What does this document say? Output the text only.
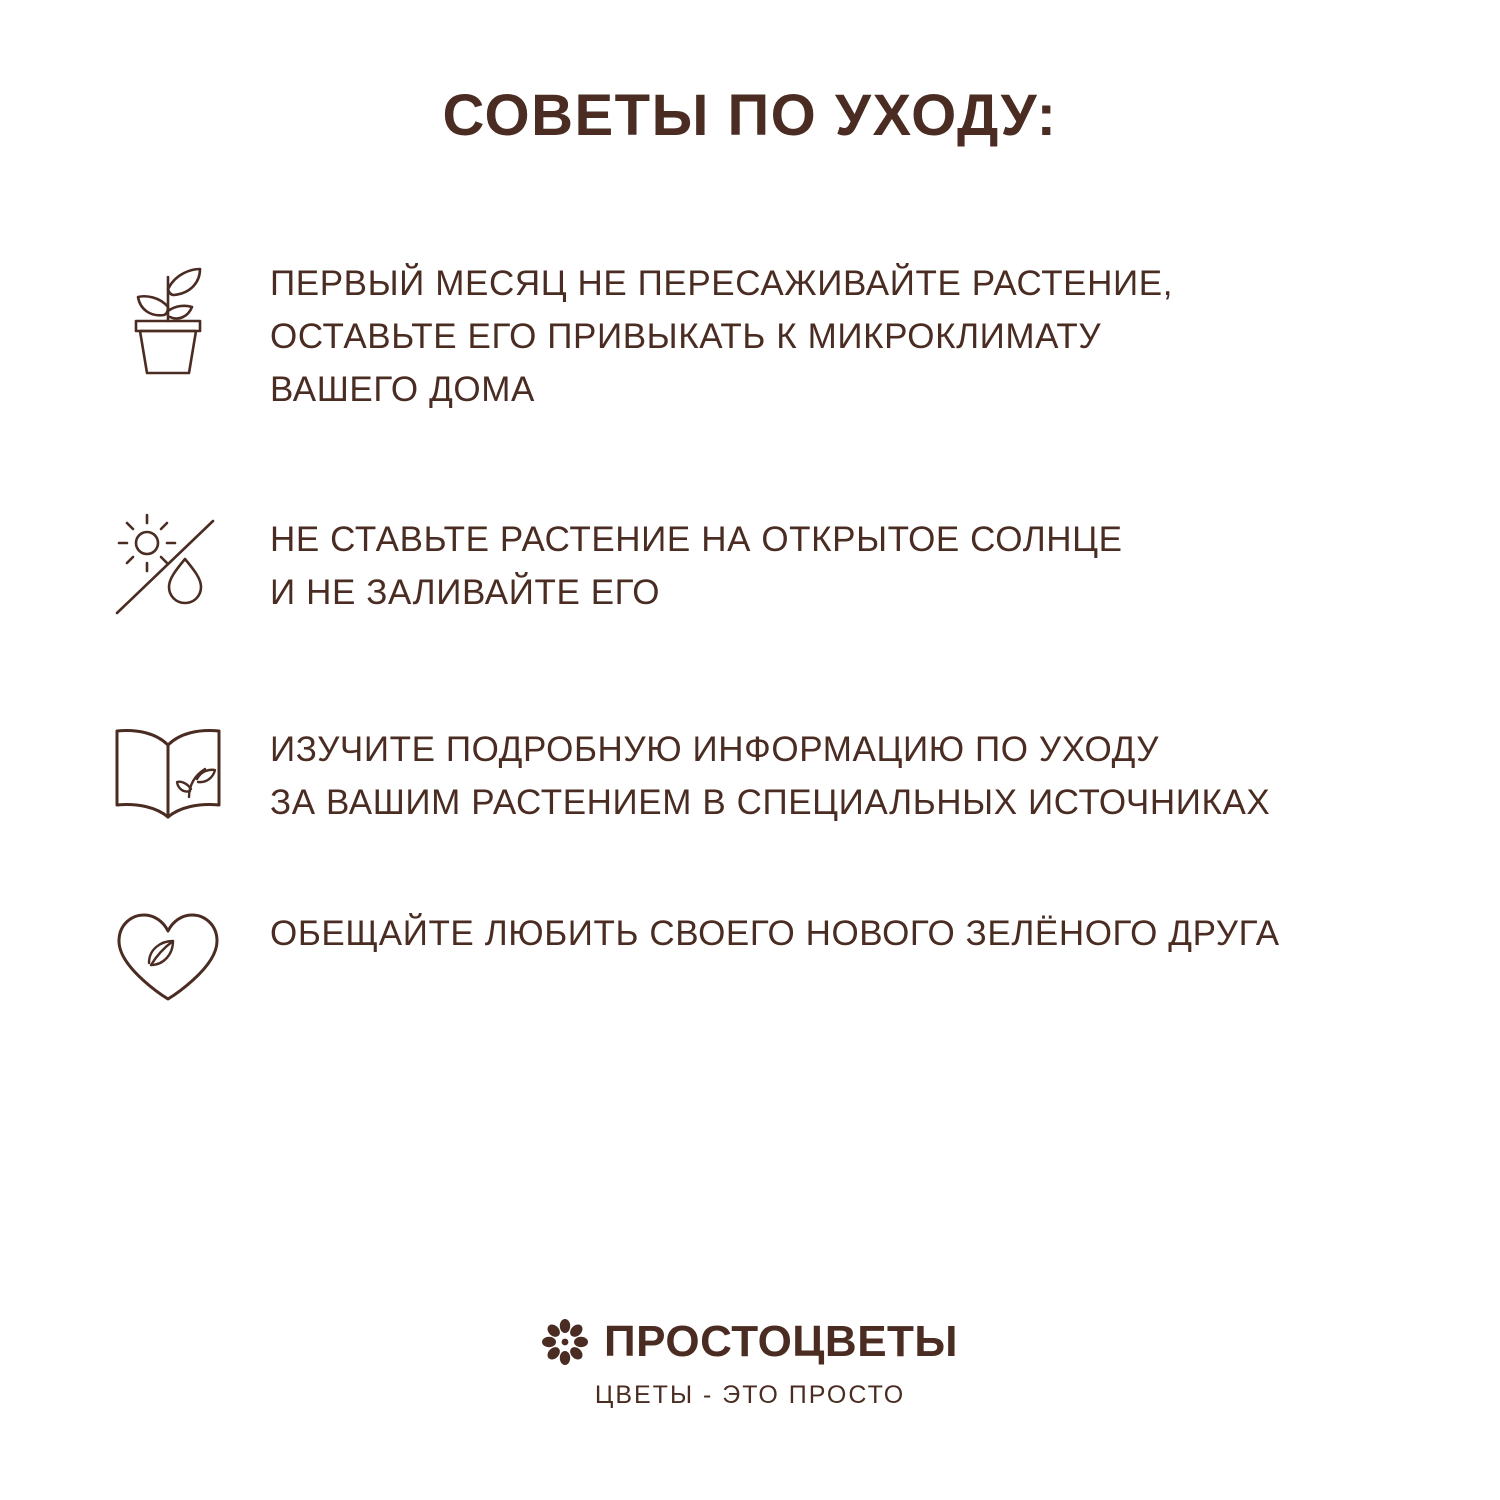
СОВЕТЫ ПО УХОДУ:
ПЕРВЫЙ МЕСЯЦ НЕ ПЕРЕСАЖИВАЙТЕ РАСТЕНИЕ,
ОСТАВЬТЕ ЕГО ПРИВЫКАТЬ К МИКРОКЛИМАТУ
ВАШЕГО ДОМА
НЕ СТАВЬТЕ РАСТЕНИЕ НА ОТКРЫТОЕ СОЛНЦЕ
И НЕ ЗАЛИВАЙТЕ ЕГО
ИЗУЧИТЕ ПОДРОБНУЮ ИНФОРМАЦИЮ ПО УХОДУ
ЗА ВАШИМ РАСТЕНИЕМ В СПЕЦИАЛЬНЫХ ИСТОЧНИКАХ
ОБЕЩАЙТЕ ЛЮБИТЬ СВОЕГО НОВОГО ЗЕЛЁНОГО ДРУГА
ПРОСТОЦВЕТЫ
ЦВЕТЫ - ЭТО ПРОСТО
